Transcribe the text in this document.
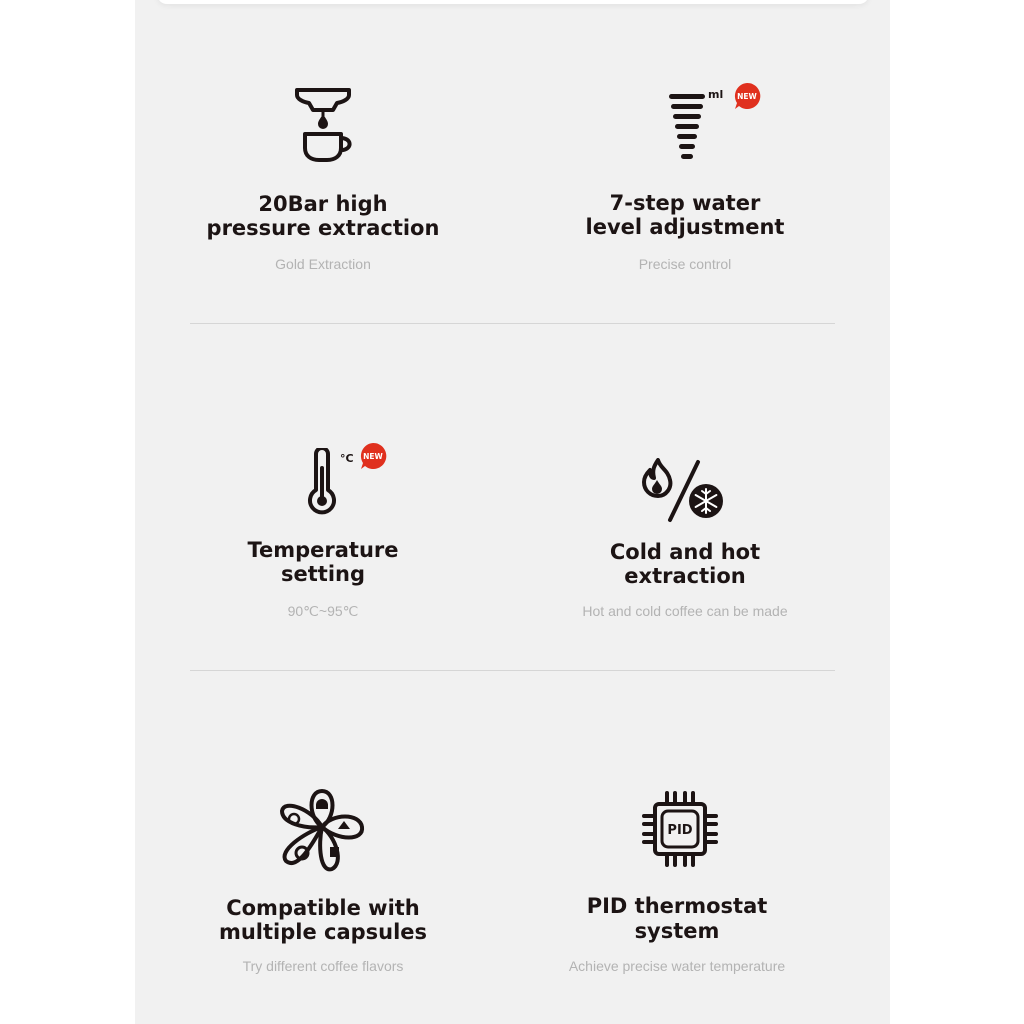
20Bar high
pressure extraction
Gold Extraction
ml NEW
7-step water
level adjustment
Precise control
°C NEW
Temperature
setting
90℃~95℃
Cold and hot
extraction
Hot and cold coffee can be made
Compatible with
multiple capsules
Try different coffee flavors
PID
PID thermostat
system
Achieve precise water temperature
